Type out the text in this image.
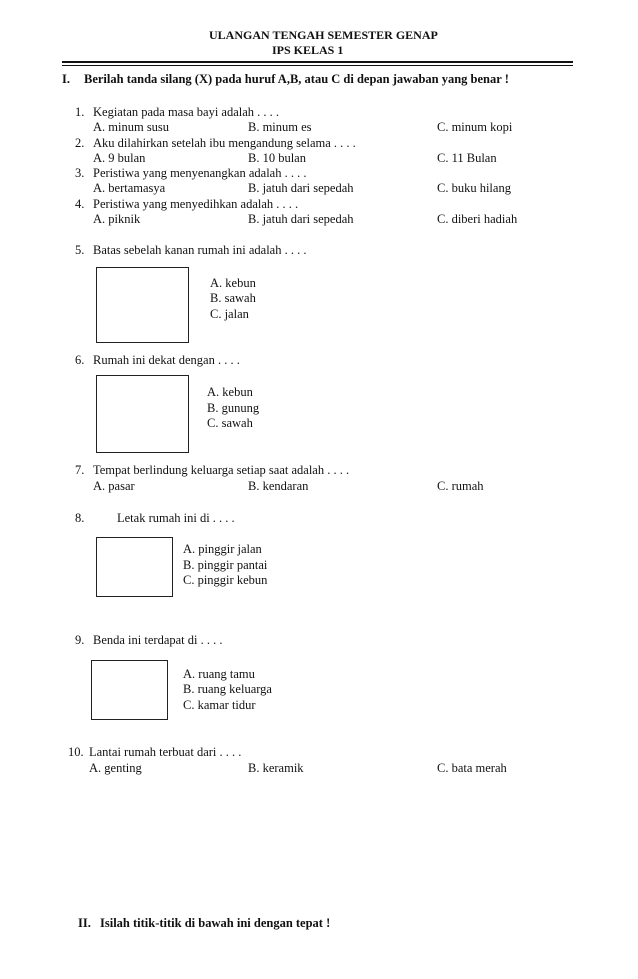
ULANGAN TENGAH SEMESTER GENAP
IPS KELAS 1
I. Berilah tanda silang (X) pada huruf A,B, atau C di depan jawaban yang benar !
1. Kegiatan pada masa bayi adalah . . . .
A. minum susu	B. minum es	C. minum kopi
2. Aku dilahirkan setelah ibu mengandung selama . . . .
A. 9 bulan	B. 10 bulan	C. 11 Bulan
3. Peristiwa yang menyenangkan adalah . . . .
A. bertamasya	B. jatuh dari sepedah	C. buku hilang
4. Peristiwa yang menyedihkan adalah . . . .
A. piknik	B. jatuh dari sepedah	C. diberi hadiah
5. Batas sebelah kanan rumah ini adalah . . . .
A. kebun
B. sawah
C. jalan
6. Rumah ini dekat dengan . . . .
A. kebun
B. gunung
C. sawah
7. Tempat berlindung keluarga setiap saat adalah . . . .
A. pasar	B. kendaran	C. rumah
8.	Letak rumah ini di . . . .
A. pinggir jalan
B. pinggir pantai
C. pinggir kebun
9. Benda ini terdapat di . . . .
A. ruang tamu
B. ruang keluarga
C. kamar tidur
10. Lantai rumah terbuat dari . . . .
A. genting	B. keramik	C. bata merah
II. Isilah titik-titik di bawah ini dengan tepat !
